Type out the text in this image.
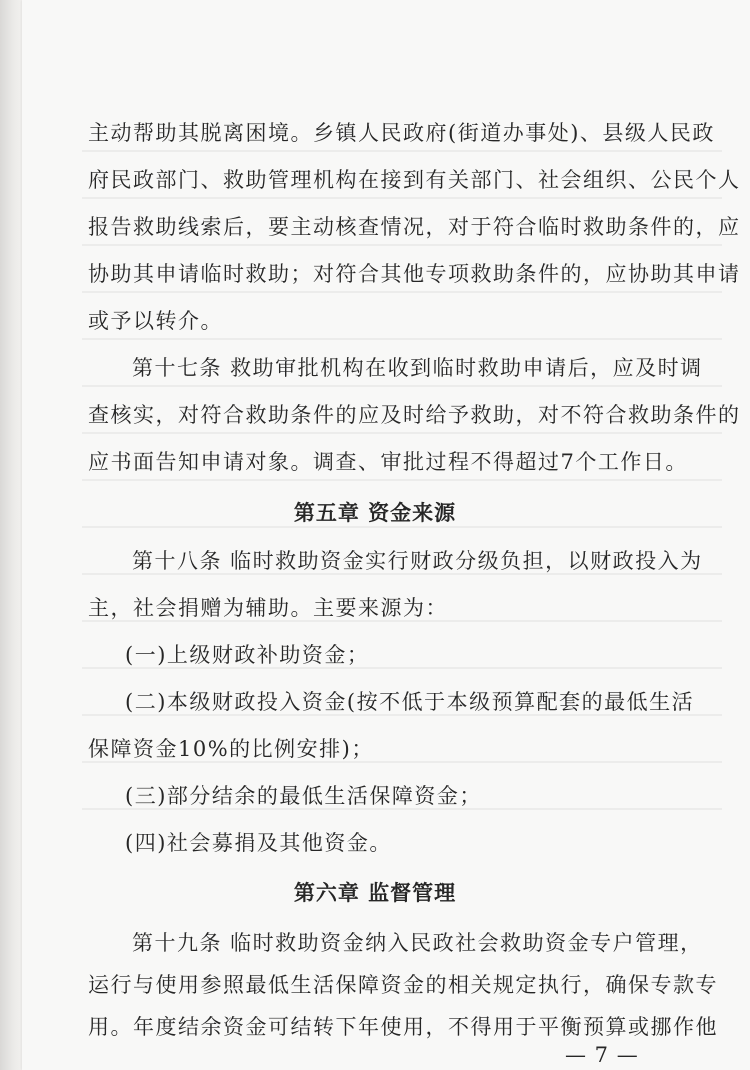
主动帮助其脱离困境。乡镇人民政府(街道办事处)、县级人民政
府民政部门、救助管理机构在接到有关部门、社会组织、公民个人
报告救助线索后，要主动核查情况，对于符合临时救助条件的，应
协助其申请临时救助；对符合其他专项救助条件的，应协助其申请
或予以转介。
第十七条 救助审批机构在收到临时救助申请后，应及时调
查核实，对符合救助条件的应及时给予救助，对不符合救助条件的
应书面告知申请对象。调查、审批过程不得超过7个工作日。
第五章 资金来源
第十八条 临时救助资金实行财政分级负担，以财政投入为
主，社会捐赠为辅助。主要来源为：
(一)上级财政补助资金；
(二)本级财政投入资金(按不低于本级预算配套的最低生活
保障资金10%的比例安排)；
(三)部分结余的最低生活保障资金；
(四)社会募捐及其他资金。
第六章 监督管理
第十九条 临时救助资金纳入民政社会救助资金专户管理，
运行与使用参照最低生活保障资金的相关规定执行，确保专款专
用。年度结余资金可结转下年使用，不得用于平衡预算或挪作他
— 7 —
